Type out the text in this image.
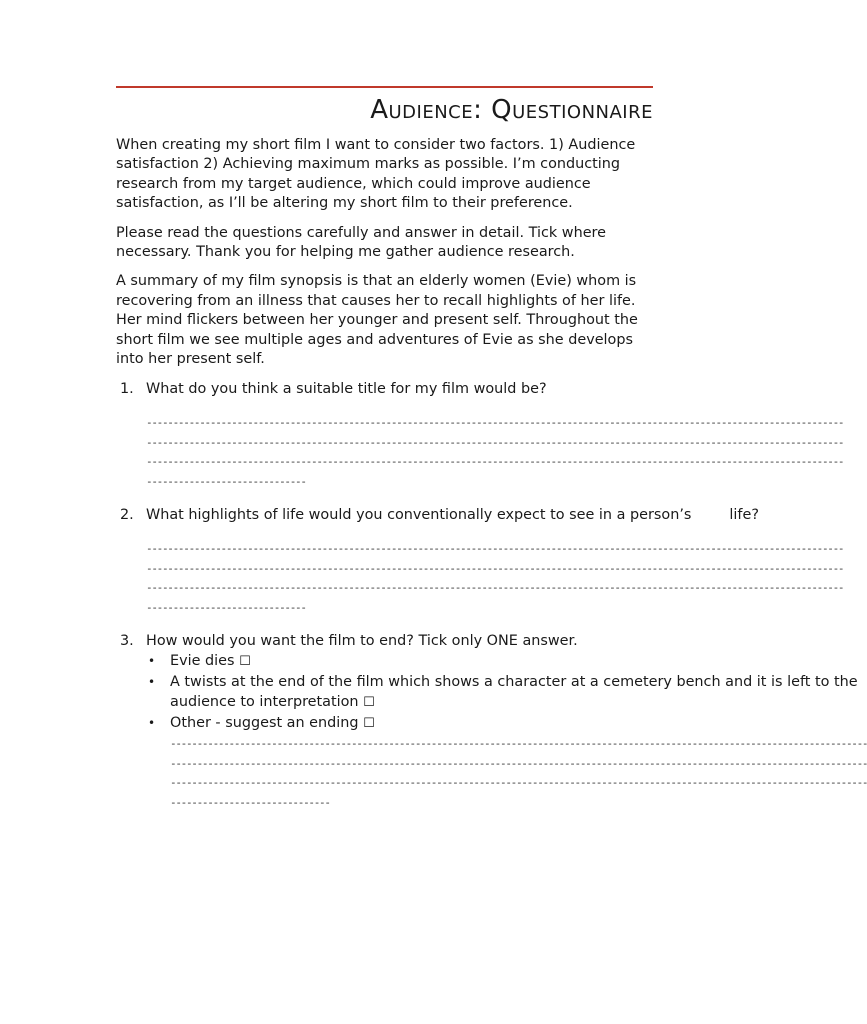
Audience: Questionnaire

When creating my short film I want to consider two factors. 1) Audience satisfaction 2) Achieving maximum marks as possible. I’m conducting research from my target audience, which could improve audience satisfaction, as I’ll be altering my short film to their preference.

Please read the questions carefully and answer in detail. Tick where necessary. Thank you for helping me gather audience research.

A summary of my film synopsis is that an elderly women (Evie) whom is recovering from an illness that causes her to recall highlights of her life. Her mind flickers between her younger and present self. Throughout the short film we see multiple ages and adventures of Evie as she develops into her present self.

1. What do you think a suitable title for my film would be?
-----------------------------------------------------------------------------------------------------------------------------------
-----------------------------------------------------------------------------------------------------------------------------------
-----------------------------------------------------------------------------------------------------------------------------------
------------------------------
2. What highlights of life would you conventionally expect to see in a person’s	life?
-----------------------------------------------------------------------------------------------------------------------------------
-----------------------------------------------------------------------------------------------------------------------------------
-----------------------------------------------------------------------------------------------------------------------------------
------------------------------
3. How would you want the film to end? Tick only ONE answer.
•	Evie dies ☐
•	A twists at the end of the film which shows a character at a cemetery bench and it is left to the audience to interpretation ☐
•	Other - suggest an ending ☐
-----------------------------------------------------------------------------------------------------------------------------------
-----------------------------------------------------------------------------------------------------------------------------------
-----------------------------------------------------------------------------------------------------------------------------------
------------------------------
